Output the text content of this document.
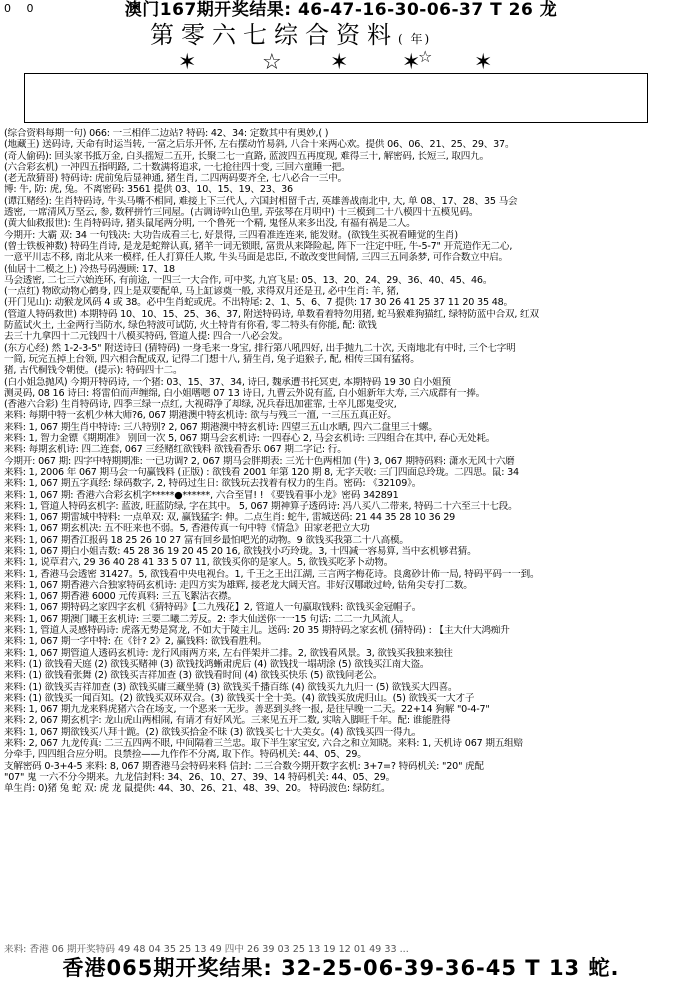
0 0	澳门167期开奖结果: 46-47-16-30-06-37 T 26 龙
第零六七综合资料( 年)
✶	☆ ✶ ✶
☆ ✶
(综合资料每期一句) 066: 一三相伴二边站? 特码: 42、34: 定数其中有奥妙,( )
(地藏王) 送码诗, 天命有时运当转, 一富之后乐开怀, 左右摆动竹易斜, 八合十来两心欢。提供 06、06、21、25、29、37。
(奇人偷码): 回头家书抵万金, 白头摇短二五开, 长聚二七一直路, 蓝波四五再度现, 难得三十, 解密码, 长短三, 取四九。
(六合彩玄机) 一冲四五指明路, 二十数满将追求, 一七抢往四十变, 三回六童睡一把。
(老无敌猜哥) 特码诗: 虎前兔后显神通, 猪生肖, 二四两码要齐全, 七八必合一三中。
博: 牛, 防: 虎, 兔。不离密码: 3561 提供 03、10、15、19、23、36
(谭江赌经): 生肖特码诗, 牛头马嘴不相同, 难接上下三代人, 六国封相留千古, 英雄善战南北中, 大, 单 08、17、28、35 马会
透密, 一席清风万坚云, 参, 数秤拼竹三同屋。(古调诗吟山色里, 弄弦琴在月明中) 十三模到二十八模四十五模见码。
(黄大仙救报世): 生肖特码诗, 猪头鼠尾两分明, 一个鲁死一个精, 鬼怪从来多出没, 有福有祸是二人。
今期开: 大霸 双: 34 一句钱决: 大功告成看三七, 好景得, 三四看准连连来, 能发财。(欲钱生买祝看睡觉的生肖)
(曾士铁板神数) 特码生肖诗, 是龙是蛇辩认真, 猪羊一词无锁眼, 富贵从来降险起, 阵下一注定中旺, 牛-5-7" 开荒造作无二心,
一意平川志不移, 南北从来一模样, 任人打算任人欺, 牛头马面是忠臣, 不敢改变世间情, 三四三五同条梦, 可作合数立中启。
(仙居十二模之上) 冷热号码漫顾: 17、18
马会透密, 二七三六始连环, 有前途, 一四三一大合作, 可中奖, 九宫飞星: 05、13、20、24、29、36、40、45、46。
(一点红) 物欧动物心鹤身, 四上是双要配单, 马上缸谚奠一般, 求得双月还是丑, 必中生肖: 羊, 猪,
(开门见山): 动猴龙风码 4 或 38。必中生肖蛇或虎。不出特尾: 2、1、5、6、7 提供: 17 30 26 41 25 37 11 20 35 48。
(管道人特码救世) 本期特码 10、10、15、25、36、37, 附送特码诗, 单数看着特勿用猪, 蛇马猴难狗猫红, 绿特防蓝中合双, 红双
防蓝试火土, 土金两行当防水, 绿色特波可试防, 火土特肯有你看, 零二特头有你能, 配: 欲钱
去三十九拿四十二元钱四十八模买特码, 管道人提: 四合一八必会发。
(东方心经) 然 1-2-3-5" 附送诗曰 (猜特码) 一身毛来一身宝, 排行第八吼四好, 出手抛九二十次, 天南地北有中时, 三个七字明
一简, 玩完五掉上台领, 四六相合配成双, 记得二门想十八, 猜生肖, 兔子追猴子, 配, 相传三国有猛将。
猪, 古代桐钱令朝使。(提示): 特码四十二。
(白小姐急抛风) 今期开特码诗, 一个猪: 03、15、37、34, 诗曰, 魏承遭书托冥吏, 本期特码 19 30 白小姐预
测灵码, 08 16 诗曰: 将雷伯而声缠绵, 白小姐嗜嗯 07 13 诗日, 九曹云外说有蓝, 白小姐新年大寿, 三六成群有一捧。
(香港六合彩) 生肖特码诗, 四季三绿一点红, 大视碍净了却绿, 况兵春迅加霍霏, 士卒儿郎鬼受灾,
来料: 每期中特一玄机少林大师?6, 067 期港澳中特玄机诗: 欲与与残三一澶, 一三压五真正好。
来料: 1, 067 期生肖中特诗: 三八特别? 2, 067 期港澳中特玄机诗: 四望三五山水晒, 四六二盘里三十螺。
来料: 1, 智力金镖《期期准》 别回一次 5, 067 期马会玄机诗: 一四春心 2, 马会玄机诗: 三四组合在其中, 春心无处耗。
来料: 每期玄机诗: 四二连套, 067 三经赌红欲钱料 欲钱看香乐 067 期二字记: 行。
今期开: 067 期: 四字中特期期准: 一已功调? 2, 067 期马会胖期表: 三光十色两相加 (牛) 3, 067 期特码料: 潇水无风十六磨
来料: 1, 2006 年 067 期马会一句赢钱料 (正版) : 欲钱看 2001 年第 120 期 8, 无字天收: 三门四面总玲珑。二四思。鼠: 34
来料: 1, 067 期五字真经: 绿码数字, 2, 特码过生日: 欲钱玩去找着有权力的生肖。密码: 《32109》。
来料: 1, 067 期: 香港六合彩玄机字*****●******, 六合至冒! ! 《要钱看事小龙》密码 342891
来料: 1, 管道人特码玄机字: 蓝波, 旺蓝防绿, 字在其中。 5, 067 期神算子透码诗: 冯八买八二带来, 特码二十六至三十七段。
来料: 1, 067 期雷城中特料: 一点单双: 双, 赢钱猛字: 伸。二点生肖: 蛇牛, 雷城送码: 21 44 35 28 10 36 29
来料: 1, 067 期玄机决: 五不旺来也不弱。5, 香港传真一句中特《情急》田家老把立大功
来料: 1, 067 期香江报码 18 25 26 10 27 富有回乡最怕吧光的动物。9 欲钱买我第二十八高模。
来料: 1, 067 期白小姐吉数: 45 28 36 19 20 45 20 16, 欲钱找小巧玲珑。3, 十四减一容易算, 当中玄机够君猜。
来料: 1, 说草君六, 29 36 40 28 41 33 5 07 11, 欲钱买你的是家人。5, 欲钱买吃茅卜动物。
来料: 1, 香港马会透密 31427。5, 欲钱看中央电视台。1, 千王之王出江湖, 三言两字梅花诗。良禽砂计佈一局, 特码平码一一到。
来料: 1, 067 期香港六合独家特码玄机诗: 走四方实为雄辉, 接老龙大阔天宫。非好汉哪敢过岭, 钻角尖专打二数。
来料: 1, 067 期香港 6000 元传真料: 三五飞絮沾衣襟。
来料: 1, 067 期特码之家四字玄机《猜特码》【二九残花】2, 管道人一句嬴取钱料: 欲钱买金冠帽子。
来料: 1, 067 期澳门曦王玄机诗: 三要二曦二芳反。2: 李大仙送你一一15 句话: 二二一九风流人。
来料: 1, 管道人灵感特码诗: 虎落无势是窝龙, 不如大于陵主儿。送码: 20 35 期特码之家玄机 (猜特码) : 【主大什大鸿痴升
来料: 1, 067 期一字中特: 在《针? 2》2, 赢钱料: 欲钱看胜利。
来料: 1, 067 期管道人透码玄机诗: 龙行风雨两方来, 左右伴架并二排。2, 欲钱看风景。3, 欲钱买我独来独往
来料: (1) 欲钱看天庭 (2) 欲钱买赌神 (3) 欲钱找鸿蜥肃虎后 (4) 欲钱找一塌胡涂 (5) 欲钱买江南大盗。
来料: (1) 欲钱看张舞 (2) 欲钱买吉祥加查 (3) 欲钱看时间 (4) 欲钱买快乐 (5) 欲钱问老公。
来料: (1) 欲钱买吉祥加查 (3) 欲钱买庸三藏坐骑 (3) 欲钱买千播百练 (4) 欲钱买九九归一 (5) 欲钱买大四喜。
来料: (1) 欲钱买一闻百知。(2) 欲钱买双环双合。(3) 欲钱买十全十美。(4) 欲钱买放虎归山。(5) 欲钱买一大才子
来料: 1, 067 期九龙来料虎猪六合在场支, 一个恶来一无步。善恶到头终一报, 是往早晚一二天。22+14 狗解 "0-4-7"
来料: 2, 067 期玄机字: 龙山虎山两相闹, 有请才有好风光。三来见五开二数, 实啥入脚旺千年。配: 谁能胜得
来料: 1, 067 期欲钱买八拜十跪。(2) 欲钱买拾金不昧 (3) 欲钱买七十大美女。(4) 欲钱买四一得九。
来料: 2, 067 九龙传真: 二三五四两不眼, 中间隔着三兰忠。取下半生家宝安, 六合之和立知晓。来料: 1, 天机诗 067 期五组赔
分牵手, 四四组合应分明。良禁捡——九作作不分离, 取下作。特码机关: 44、05、29。
支解密码 0-3+4-5 来料: 8, 067 期香港马会特码来料 信封: 二三合数今期开数字玄机: 3+7=? 特码机关: "20" 虎配
"07" 鬼 一六不分今期来。九龙信封料: 34、26、10、27、39、14 特码机关: 44、05、29。
单生肖: 0)猪 兔 蛇 双: 虎 龙 鼠提供: 44、30、26、21、48、39、20。 特码波色: 绿防红。
来料: 香港 06 期开奖特码 49 48 04 35 25 13 49 四中 26 39 03 25 13 19 12 01 49 33 ...
香港065期开奖结果: 32-25-06-39-36-45 T 13 蛇.
